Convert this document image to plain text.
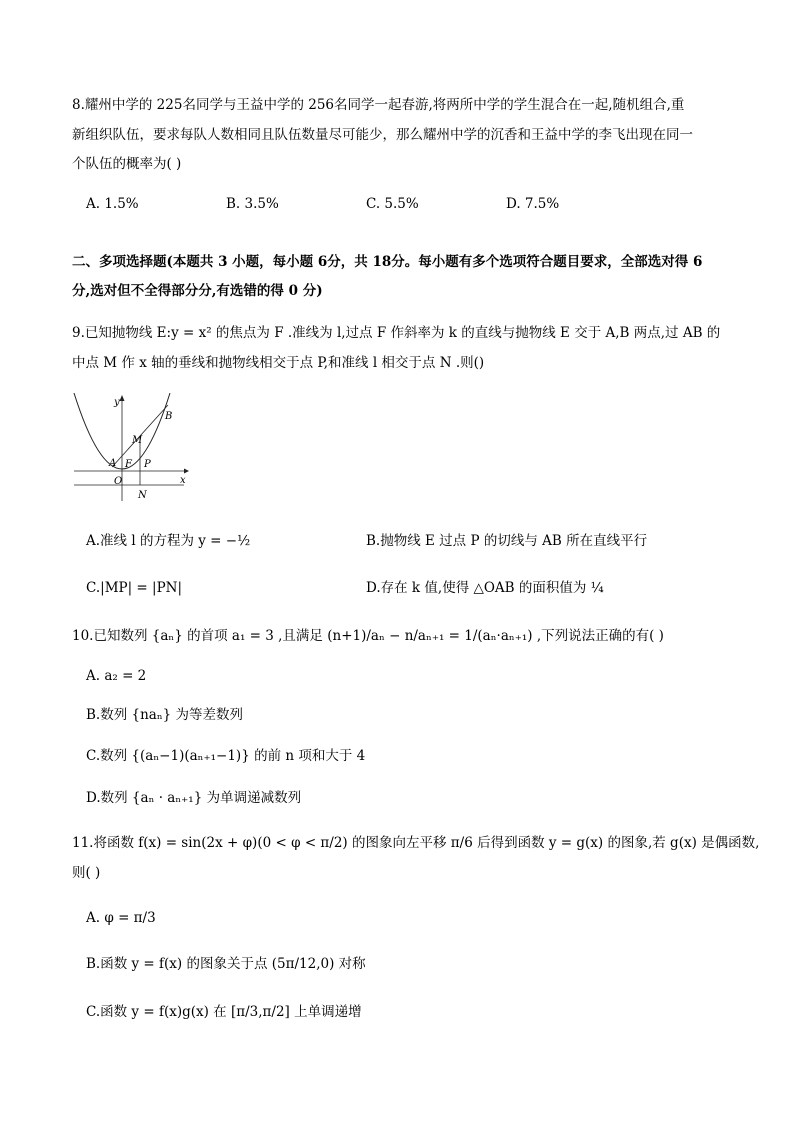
8.耀州中学的 225名同学与王益中学的 256名同学一起春游,将两所中学的学生混合在一起,随机组合,重
新组织队伍，要求每队人数相同且队伍数量尽可能少，那么耀州中学的沉香和王益中学的李飞出现在同一
个队伍的概率为( )
A. 1.5%	B. 3.5%	C. 5.5%	D. 7.5%
二、多项选择题(本题共 3 小题，每小题 6分，共 18分。每小题有多个选项符合题目要求，全部选对得 6
分,选对但不全得部分分,有选错的得 0 分)
9.已知抛物线 E:y = x² 的焦点为 F .准线为 l,过点 F 作斜率为 k 的直线与抛物线 E 交于 A,B 两点,过 AB 的
中点 M 作 x 轴的垂线和抛物线相交于点 P,和准线 l 相交于点 N .则()
y
x
B
M
A F P
O
N
A.准线 l 的方程为 y = −½	B.抛物线 E 过点 P 的切线与 AB 所在直线平行
C.|MP| = |PN|	D.存在 k 值,使得 △OAB 的面积值为 ¼
10.已知数列 {aₙ} 的首项 a₁ = 3 ,且满足 (n+1)/aₙ − n/aₙ₊₁ = 1/(aₙ·aₙ₊₁) ,下列说法正确的有( )
A. a₂ = 2
B.数列 {naₙ} 为等差数列
C.数列 {(aₙ−1)(aₙ₊₁−1)} 的前 n 项和大于 4
D.数列 {aₙ · aₙ₊₁} 为单调递减数列
11.将函数 f(x) = sin(2x + φ)(0 < φ < π/2) 的图象向左平移 π/6 后得到函数 y = g(x) 的图象,若 g(x) 是偶函数,
则( )
A. φ = π/3
B.函数 y = f(x) 的图象关于点 (5π/12,0) 对称
C.函数 y = f(x)g(x) 在 [π/3,π/2] 上单调递增
